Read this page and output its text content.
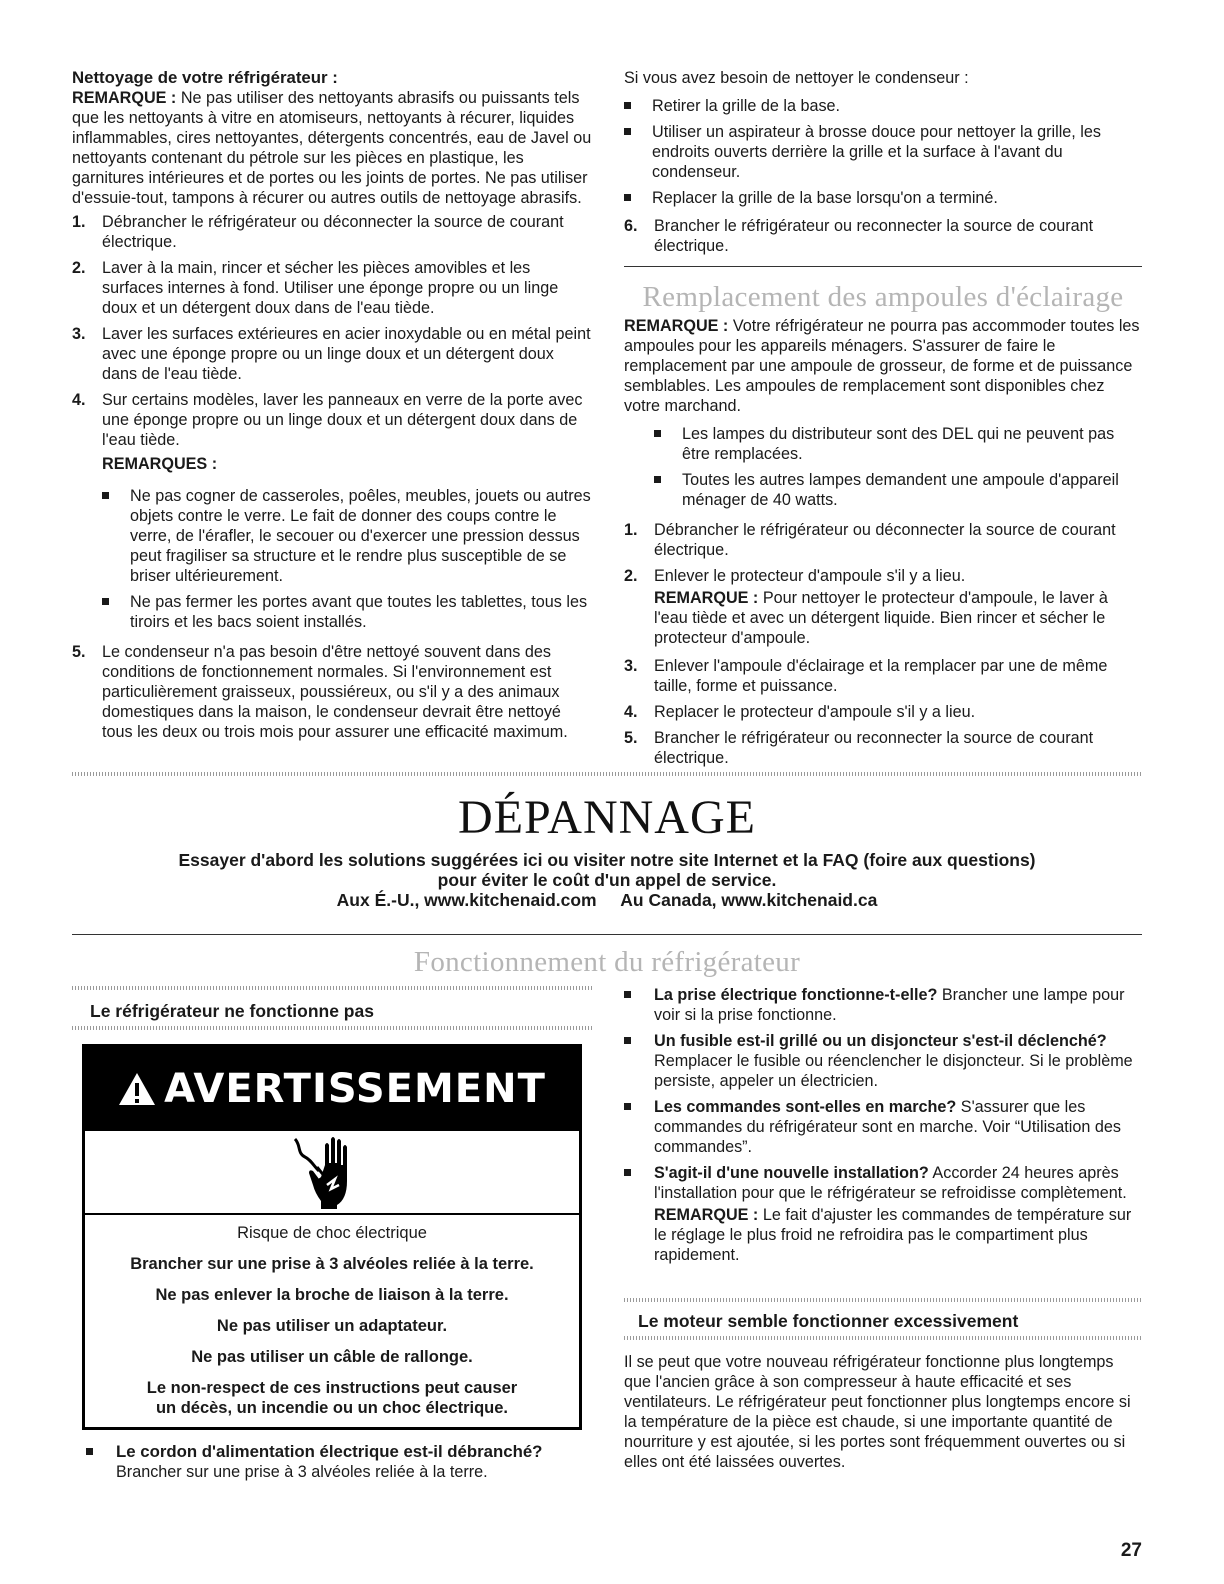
Nettoyage de votre réfrigérateur :
REMARQUE : Ne pas utiliser des nettoyants abrasifs ou puissants tels que les nettoyants à vitre en atomiseurs, nettoyants à récurer, liquides inflammables, cires nettoyantes, détergents concentrés, eau de Javel ou nettoyants contenant du pétrole sur les pièces en plastique, les garnitures intérieures et de portes ou les joints de portes. Ne pas utiliser d'essuie-tout, tampons à récurer ou autres outils de nettoyage abrasifs.
1. Débrancher le réfrigérateur ou déconnecter la source de courant électrique.
2. Laver à la main, rincer et sécher les pièces amovibles et les surfaces internes à fond. Utiliser une éponge propre ou un linge doux et un détergent doux dans de l'eau tiède.
3. Laver les surfaces extérieures en acier inoxydable ou en métal peint avec une éponge propre ou un linge doux et un détergent doux dans de l'eau tiède.
4. Sur certains modèles, laver les panneaux en verre de la porte avec une éponge propre ou un linge doux et un détergent doux dans de l'eau tiède.
REMARQUES :
Ne pas cogner de casseroles, poêles, meubles, jouets ou autres objets contre le verre. Le fait de donner des coups contre le verre, de l'érafler, le secouer ou d'exercer une pression dessus peut fragiliser sa structure et le rendre plus susceptible de se briser ultérieurement.
Ne pas fermer les portes avant que toutes les tablettes, tous les tiroirs et les bacs soient installés.
5. Le condenseur n'a pas besoin d'être nettoyé souvent dans des conditions de fonctionnement normales. Si l'environnement est particulièrement graisseux, poussiéreux, ou s'il y a des animaux domestiques dans la maison, le condenseur devrait être nettoyé tous les deux ou trois mois pour assurer une efficacité maximum.
Si vous avez besoin de nettoyer le condenseur :
Retirer la grille de la base.
Utiliser un aspirateur à brosse douce pour nettoyer la grille, les endroits ouverts derrière la grille et la surface à l'avant du condenseur.
Replacer la grille de la base lorsqu'on a terminé.
6. Brancher le réfrigérateur ou reconnecter la source de courant électrique.
Remplacement des ampoules d'éclairage
REMARQUE : Votre réfrigérateur ne pourra pas accommoder toutes les ampoules pour les appareils ménagers. S'assurer de faire le remplacement par une ampoule de grosseur, de forme et de puissance semblables. Les ampoules de remplacement sont disponibles chez votre marchand.
Les lampes du distributeur sont des DEL qui ne peuvent pas être remplacées.
Toutes les autres lampes demandent une ampoule d'appareil ménager de 40 watts.
1. Débrancher le réfrigérateur ou déconnecter la source de courant électrique.
2. Enlever le protecteur d'ampoule s'il y a lieu.
REMARQUE : Pour nettoyer le protecteur d'ampoule, le laver à l'eau tiède et avec un détergent liquide. Bien rincer et sécher le protecteur d'ampoule.
3. Enlever l'ampoule d'éclairage et la remplacer par une de même taille, forme et puissance.
4. Replacer le protecteur d'ampoule s'il y a lieu.
5. Brancher le réfrigérateur ou reconnecter la source de courant électrique.
DÉPANNAGE
Essayer d'abord les solutions suggérées ici ou visiter notre site Internet et la FAQ (foire aux questions)
pour éviter le coût d'un appel de service.
Aux É.-U., www.kitchenaid.com     Au Canada, www.kitchenaid.ca
Fonctionnement du réfrigérateur
Le réfrigérateur ne fonctionne pas
AVERTISSEMENT
Risque de choc électrique
Brancher sur une prise à 3 alvéoles reliée à la terre.
Ne pas enlever la broche de liaison à la terre.
Ne pas utiliser un adaptateur.
Ne pas utiliser un câble de rallonge.
Le non-respect de ces instructions peut causer
un décès, un incendie ou un choc électrique.
Le cordon d'alimentation électrique est-il débranché?
Brancher sur une prise à 3 alvéoles reliée à la terre.
La prise électrique fonctionne-t-elle? Brancher une lampe pour voir si la prise fonctionne.
Un fusible est-il grillé ou un disjoncteur s'est-il déclenché? Remplacer le fusible ou réenclencher le disjoncteur. Si le problème persiste, appeler un électricien.
Les commandes sont-elles en marche? S'assurer que les commandes du réfrigérateur sont en marche. Voir “Utilisation des commandes”.
S'agit-il d'une nouvelle installation? Accorder 24 heures après l'installation pour que le réfrigérateur se refroidisse complètement.
REMARQUE : Le fait d'ajuster les commandes de température sur le réglage le plus froid ne refroidira pas le compartiment plus rapidement.
Le moteur semble fonctionner excessivement
Il se peut que votre nouveau réfrigérateur fonctionne plus longtemps que l'ancien grâce à son compresseur à haute efficacité et ses ventilateurs. Le réfrigérateur peut fonctionner plus longtemps encore si la température de la pièce est chaude, si une importante quantité de nourriture y est ajoutée, si les portes sont fréquemment ouvertes ou si elles ont été laissées ouvertes.
27
